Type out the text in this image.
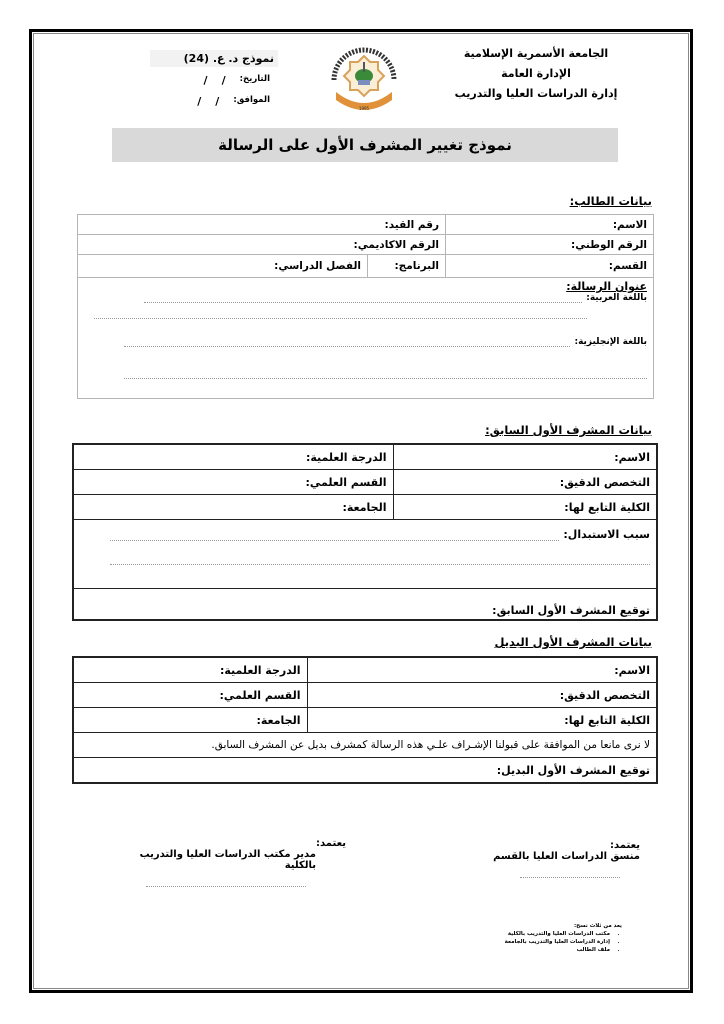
الجامعة الأسمرية الإسلامية
الإدارة العامة
إدارة الدراسات العليا والتدريب
1995
نموذج د. ع. (24)
التاريخ:
/
/
الموافق:
/
/
نموذج تغيير المشرف الأول على الرسالة
بيانات الطالب:
الاسم:	رقم القيد:	
الرقم الوطني:	الرقم الاكاديمي:	
القسم:	البرنامج:	الفصل الدراسي:

عنوان الرسالة:
باللغة العربية:
باللغة الإنجليزية:		
بيانات المشرف الأول السابق:
الاسم:	الدرجة العلمية:
التخصص الدقيق:	القسم العلمي:
الكلية التابع لها:	الجامعة:

سبب الاستبدال:	

توقيع المشرف الأول السابق:	
بيانات المشرف الأول البديل
الاسم:	الدرجة العلمية:
التخصص الدقيق:	القسم العلمي:
الكلية التابع لها:	الجامعة:
لا نرى مانعا من الموافقة على قبولنا الإشـراف علـي هذه الرسالة كمشرف بديل عن المشرف السابق.	
توقيع المشرف الأول البديل:	
يعتمد:
منسق الدراسات العليا بالقسم
يعتمد:
مدير مكتب الدراسات العليا والتدريب بالكلية
يعد من ثلاث نسخ:
• مكتب الدراسات العليا والتدريب بالكلية
• إدارة الدراسات العليا والتدريب بالجامعة
• ملف الطالب
